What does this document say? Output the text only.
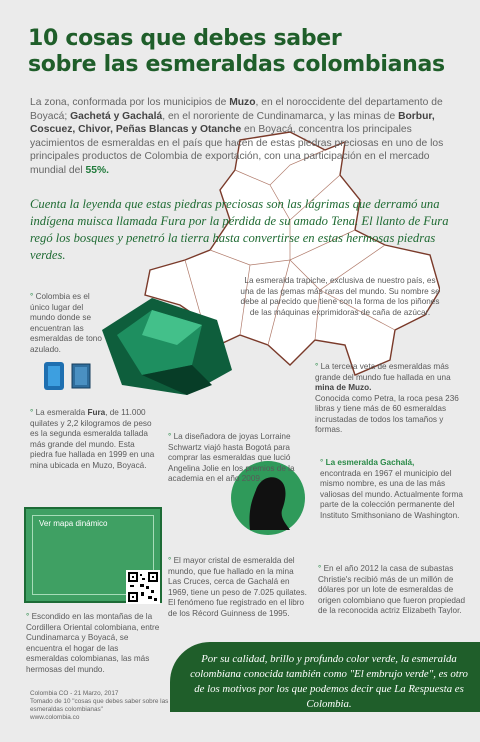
10 cosas que debes saber
sobre las esmeraldas colombianas

La zona, conformada por los municipios de Muzo, en el noroccidente del departamento de Boyacá; Gachetá y Gachalá, en el nororiente de Cundinamarca, y las minas de Borbur, Coscuez, Chivor, Peñas Blancas y Otanche en Boyacá, concentra los principales yacimientos de esmeraldas en el país que hacen de estas piedras preciosas en uno de los principales productos de Colombia de exportación, con una participación en el mercado mundial del 55%.

Cuenta la leyenda que estas piedras preciosas son las lágrimas que derramó una indígena muisca llamada Fura por la pérdida de su amado Tena. El llanto de Fura regó los bosques y penetró la tierra hasta convertirse en estas hermosas piedras verdes.

La esmeralda trapiche, exclusiva de nuestro país, es una de las gemas más raras del mundo. Su nombre se debe al parecido que tiene con la forma de los piñones de las máquinas exprimidoras de caña de azúcar.

° Colombia es el único lugar del mundo donde se encuentran las esmeraldas de tono azulado.

° La tercera veta de esmeraldas más grande del mundo fue hallada en una mina de Muzo.
Conocida como Petra, la roca pesa 236 libras y tiene más de 60 esmeraldas incrustadas de todos los tamaños y formas.

° La esmeralda Fura, de 11.000 quilates y 2,2 kilogramos de peso es la segunda esmeralda tallada más grande del mundo. Esta piedra fue hallada en 1999 en una mina ubicada en Muzo, Boyacá.

° La diseñadora de joyas Lorraine Schwartz viajó hasta Bogotá para comprar las esmeraldas que lució Angelina Jolie en los premios de la academia en el año 2009.

° La esmeralda Gachalá,
encontrada en 1967 el municipio del mismo nombre, es una de las más valiosas del mundo. Actualmente forma parte de la colección permanente del Instituto Smithsoniano de Washington.

° El mayor cristal de esmeralda del mundo, que fue hallado en la mina Las Cruces, cerca de Gachalá en 1969, tiene un peso de 7.025 quilates. El fenómeno fue registrado en el libro de los Récord Guinness de 1995.

° En el año 2012 la casa de subastas Christie's recibió más de un millón de dólares por un lote de esmeraldas de origen colombiano que fueron propiedad de la reconocida actriz Elizabeth Taylor.

° Escondido en las montañas de la Cordillera Oriental colombiana, entre Cundinamarca y Boyacá, se encuentra el hogar de las esmeraldas colombianas, las más hermosas del mundo.

Ver mapa dinámico

Colombia CO - 21 Marzo, 2017
Tomado de 10 "cosas que debes saber sobre las esmeraldas colombianas"
www.colombia.co

Por su calidad, brillo y profundo color verde, la esmeralda colombiana conocida también como "El embrujo verde", es otro de los motivos por los que podemos decir que La Respuesta es Colombia.
